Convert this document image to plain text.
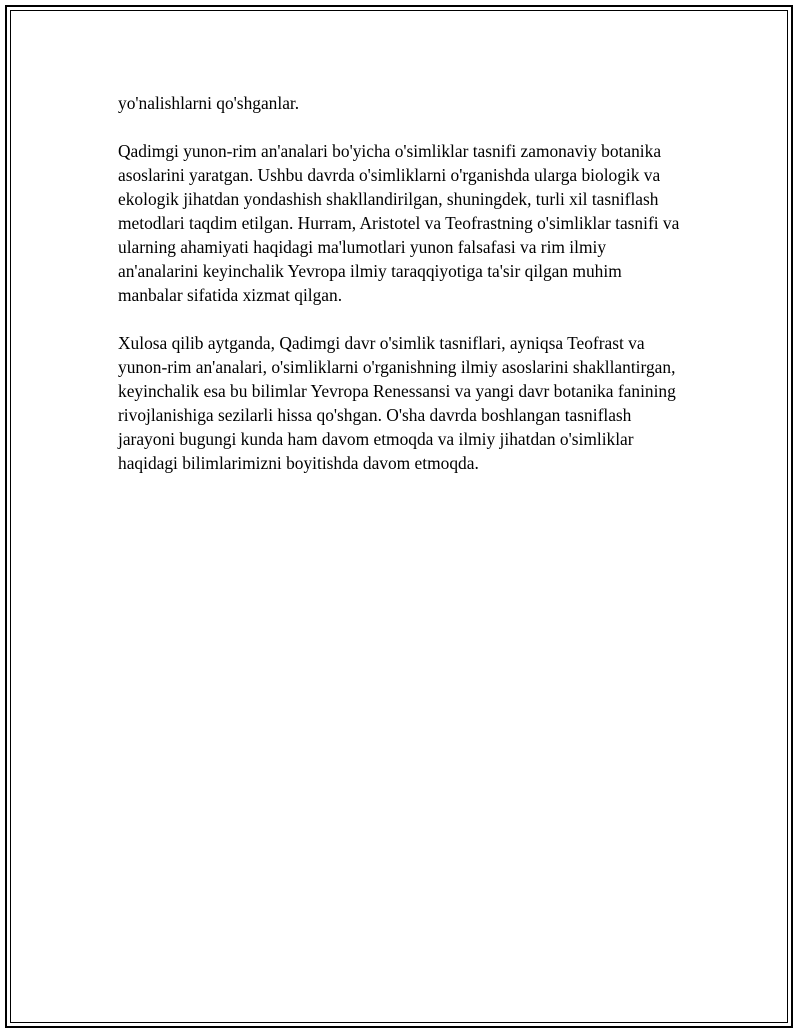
yo'nalishlarni qo'shganlar.

Qadimgi yunon-rim an'analari bo'yicha o'simliklar tasnifi zamonaviy botanika asoslarini yaratgan. Ushbu davrda o'simliklarni o'rganishda ularga biologik va ekologik jihatdan yondashish shakllandirilgan, shuningdek, turli xil tasniflash metodlari taqdim etilgan. Hurram, Aristotel va Teofrastning o'simliklar tasnifi va ularning ahamiyati haqidagi ma'lumotlari yunon falsafasi va rim ilmiy an'analarini keyinchalik Yevropa ilmiy taraqqiyotiga ta'sir qilgan muhim manbalar sifatida xizmat qilgan.

Xulosa qilib aytganda, Qadimgi davr o'simlik tasniflari, ayniqsa Teofrast va yunon-rim an'analari, o'simliklarni o'rganishning ilmiy asoslarini shakllantirgan, keyinchalik esa bu bilimlar Yevropa Renessansi va yangi davr botanika fanining rivojlanishiga sezilarli hissa qo'shgan. O'sha davrda boshlangan tasniflash jarayoni bugungi kunda ham davom etmoqda va ilmiy jihatdan o'simliklar haqidagi bilimlarimizni boyitishda davom etmoqda.
